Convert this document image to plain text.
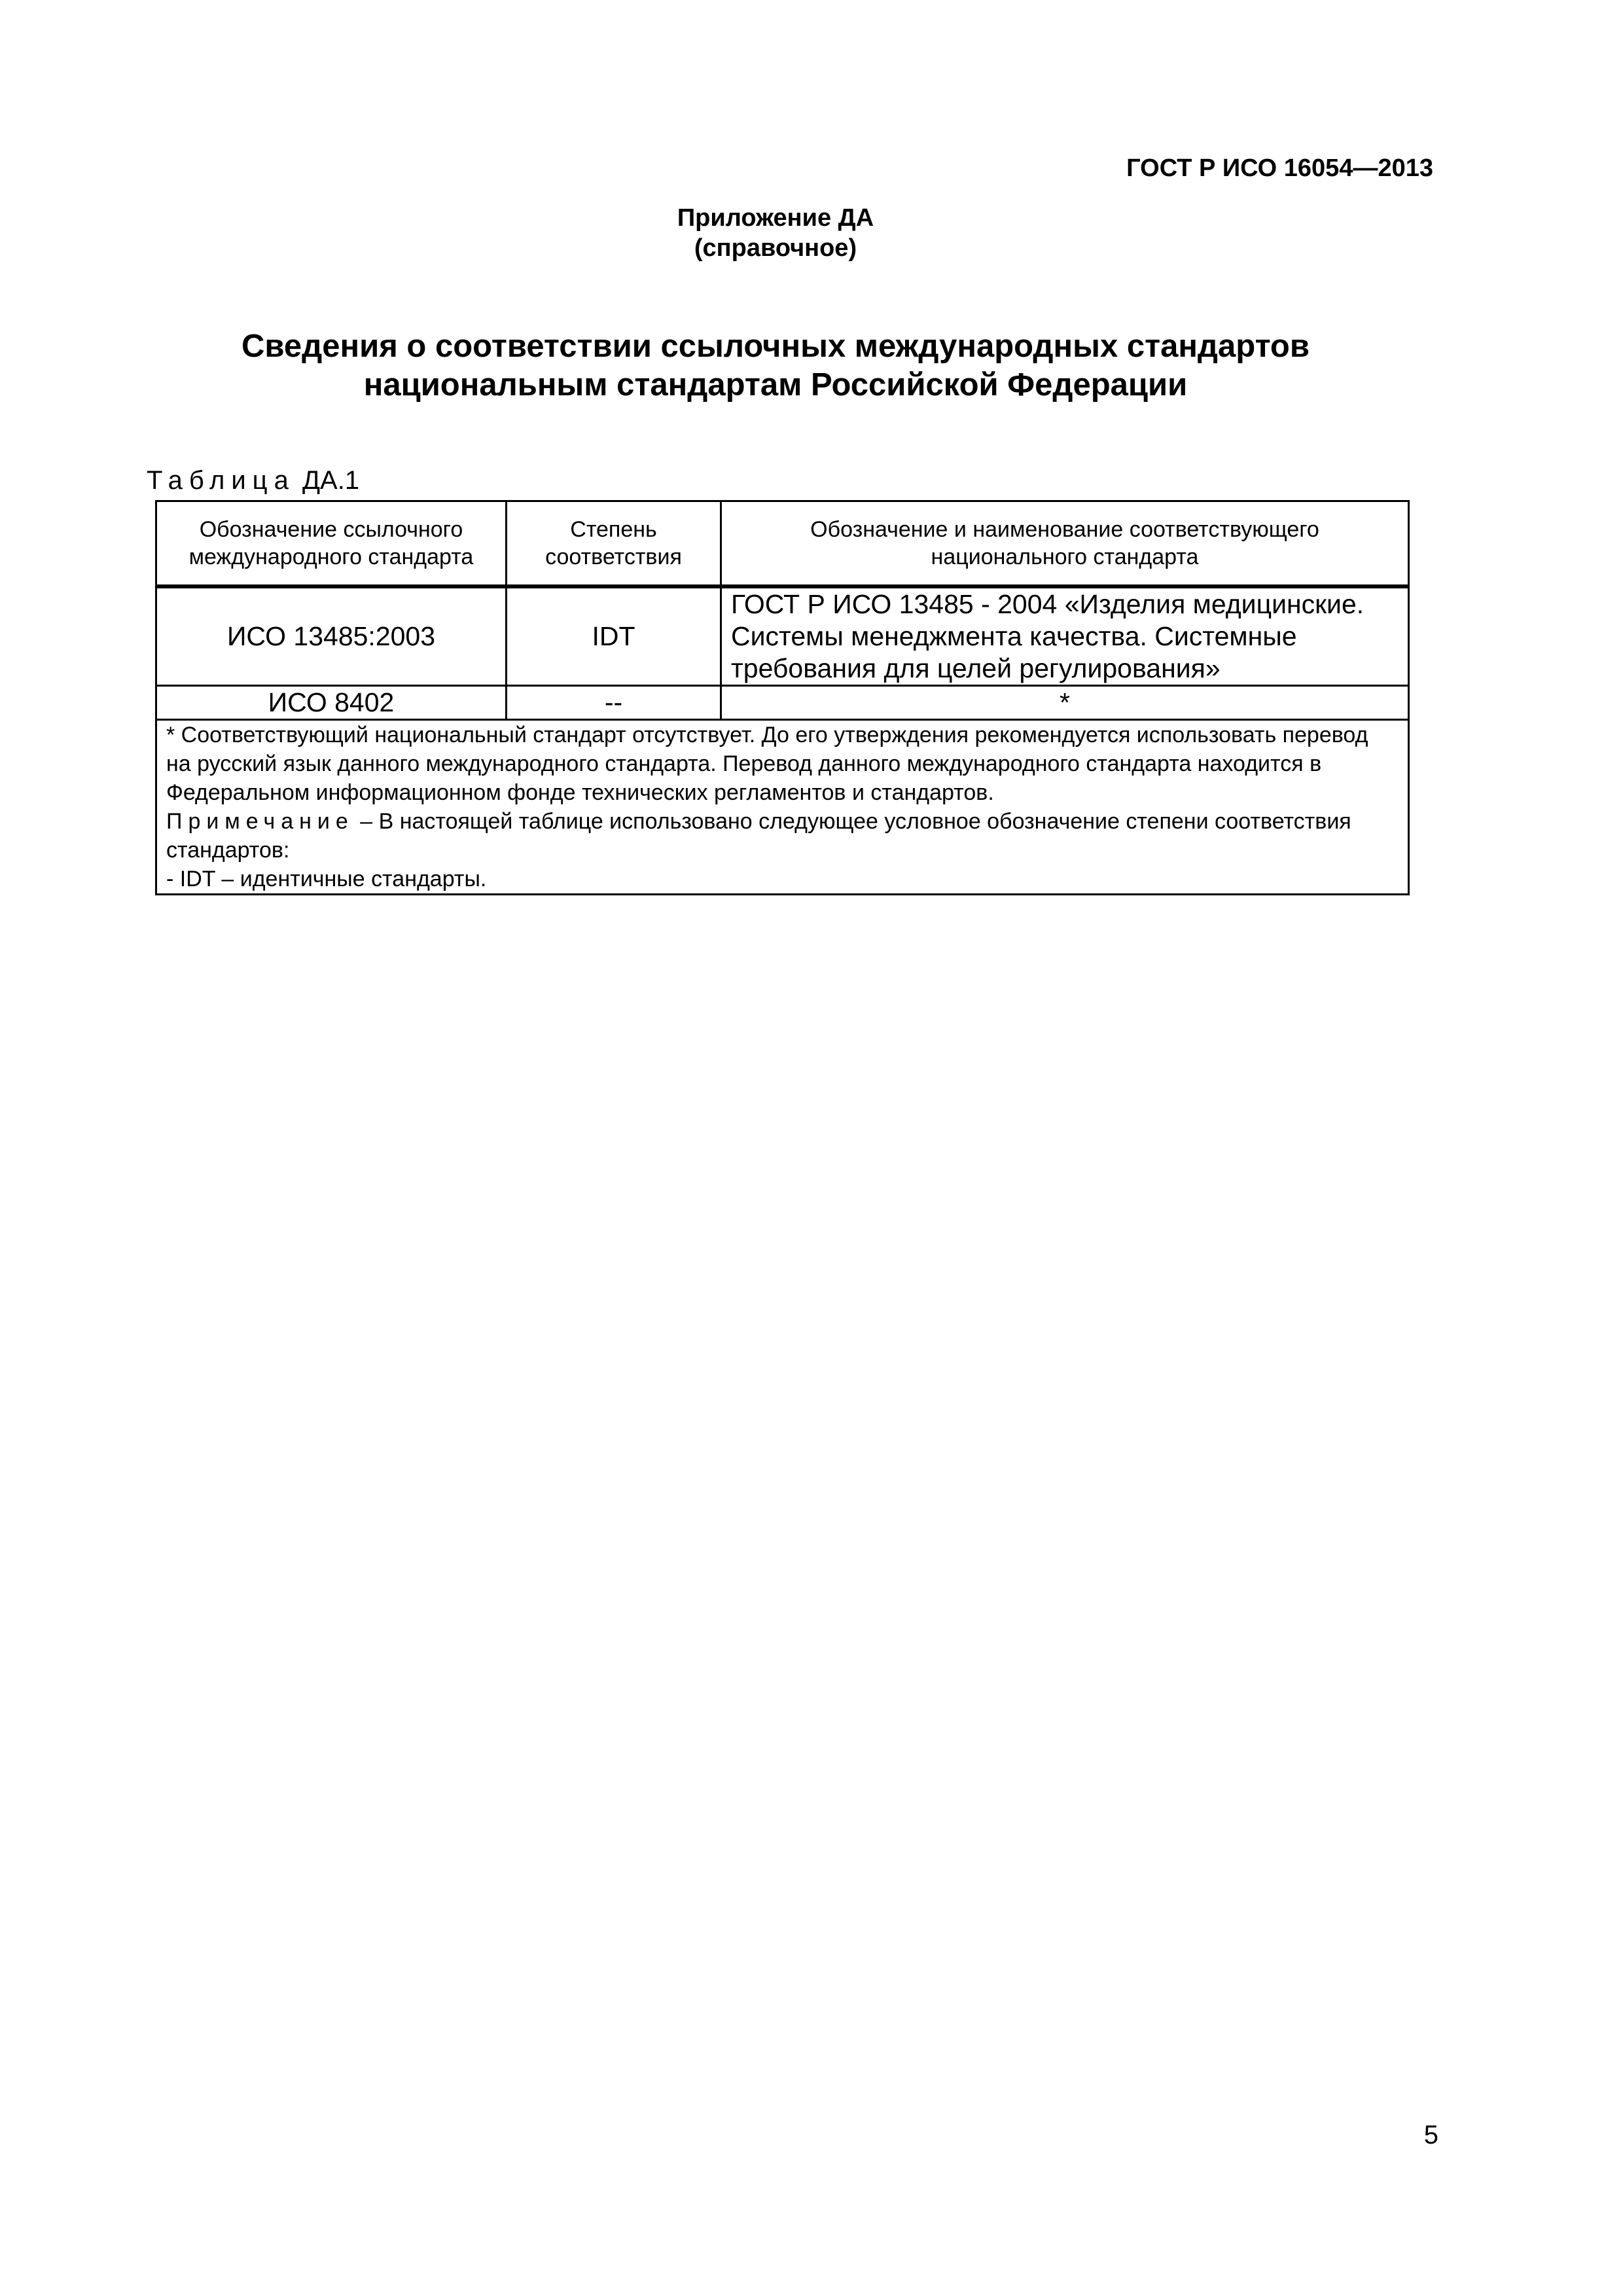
ГОСТ Р ИСО 16054—2013
Приложение ДА
(справочное)
Сведения о соответствии ссылочных международных стандартов
национальным стандартам Российской Федерации
Таблица ДА.1
Обозначение ссылочного международного стандарта	Степень соответствия	Обозначение и наименование соответствующего национального стандарта
ИСО 13485:2003	IDT	ГОСТ Р ИСО 13485 - 2004 «Изделия медицинские. Системы менеджмента качества. Системные требования для целей регулирования»
ИСО 8402	--	*

* Соответствующий национальный стандарт отсутствует. До его утверждения рекомендуется использовать перевод на русский язык данного международного стандарта. Перевод данного международного стандарта находится в Федеральном информационном фонде технических регламентов и стандартов.

Примечание – В настоящей таблице использовано следующее условное обозначение степени соответствия стандартов:

- IDT – идентичные стандарты.		

5
